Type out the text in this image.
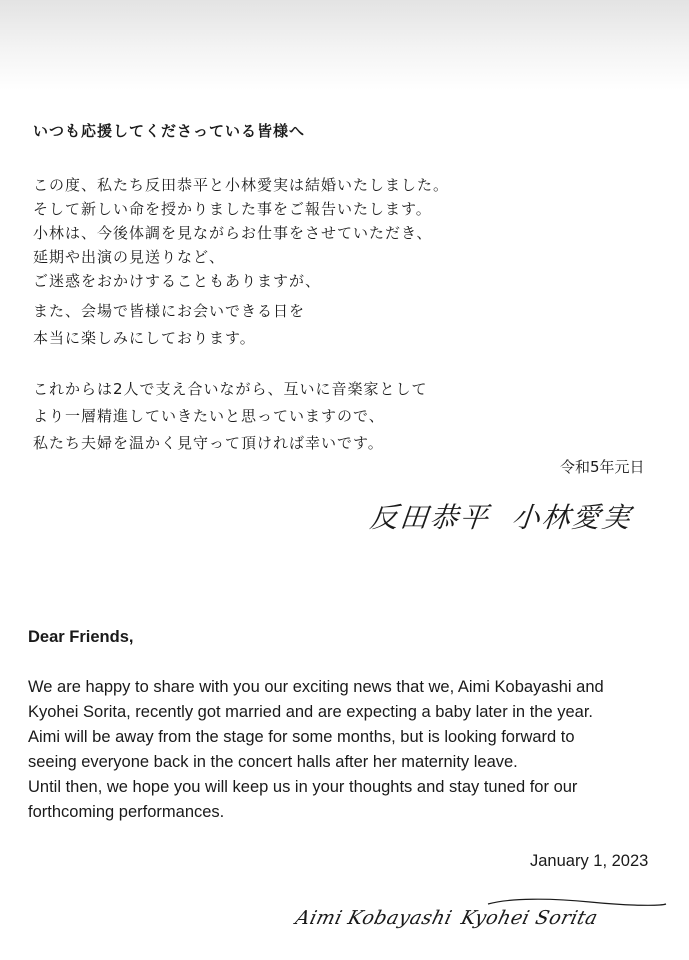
いつも応援してくださっている皆様へ
この度、私たち反田恭平と小林愛実は結婚いたしました。
そして新しい命を授かりました事をご報告いたします。
小林は、今後体調を見ながらお仕事をさせていただき、
延期や出演の見送りなど、
ご迷惑をおかけすることもありますが、
また、会場で皆様にお会いできる日を
本当に楽しみにしております。
これからは2人で支え合いながら、互いに音楽家として
より一層精進していきたいと思っていますので、
私たち夫婦を温かく見守って頂ければ幸いです。
令和5年元日
反田恭平 小林愛実
Dear Friends,
We are happy to share with you our exciting news that we, Aimi Kobayashi and
Kyohei Sorita, recently got married and are expecting a baby later in the year.
Aimi will be away from the stage for some months, but is looking forward to
seeing everyone back in the concert halls after her maternity leave.
Until then, we hope you will keep us in your thoughts and stay tuned for our
forthcoming performances.
January 1, 2023
Aimi Kobayashi Kyohei Sorita
